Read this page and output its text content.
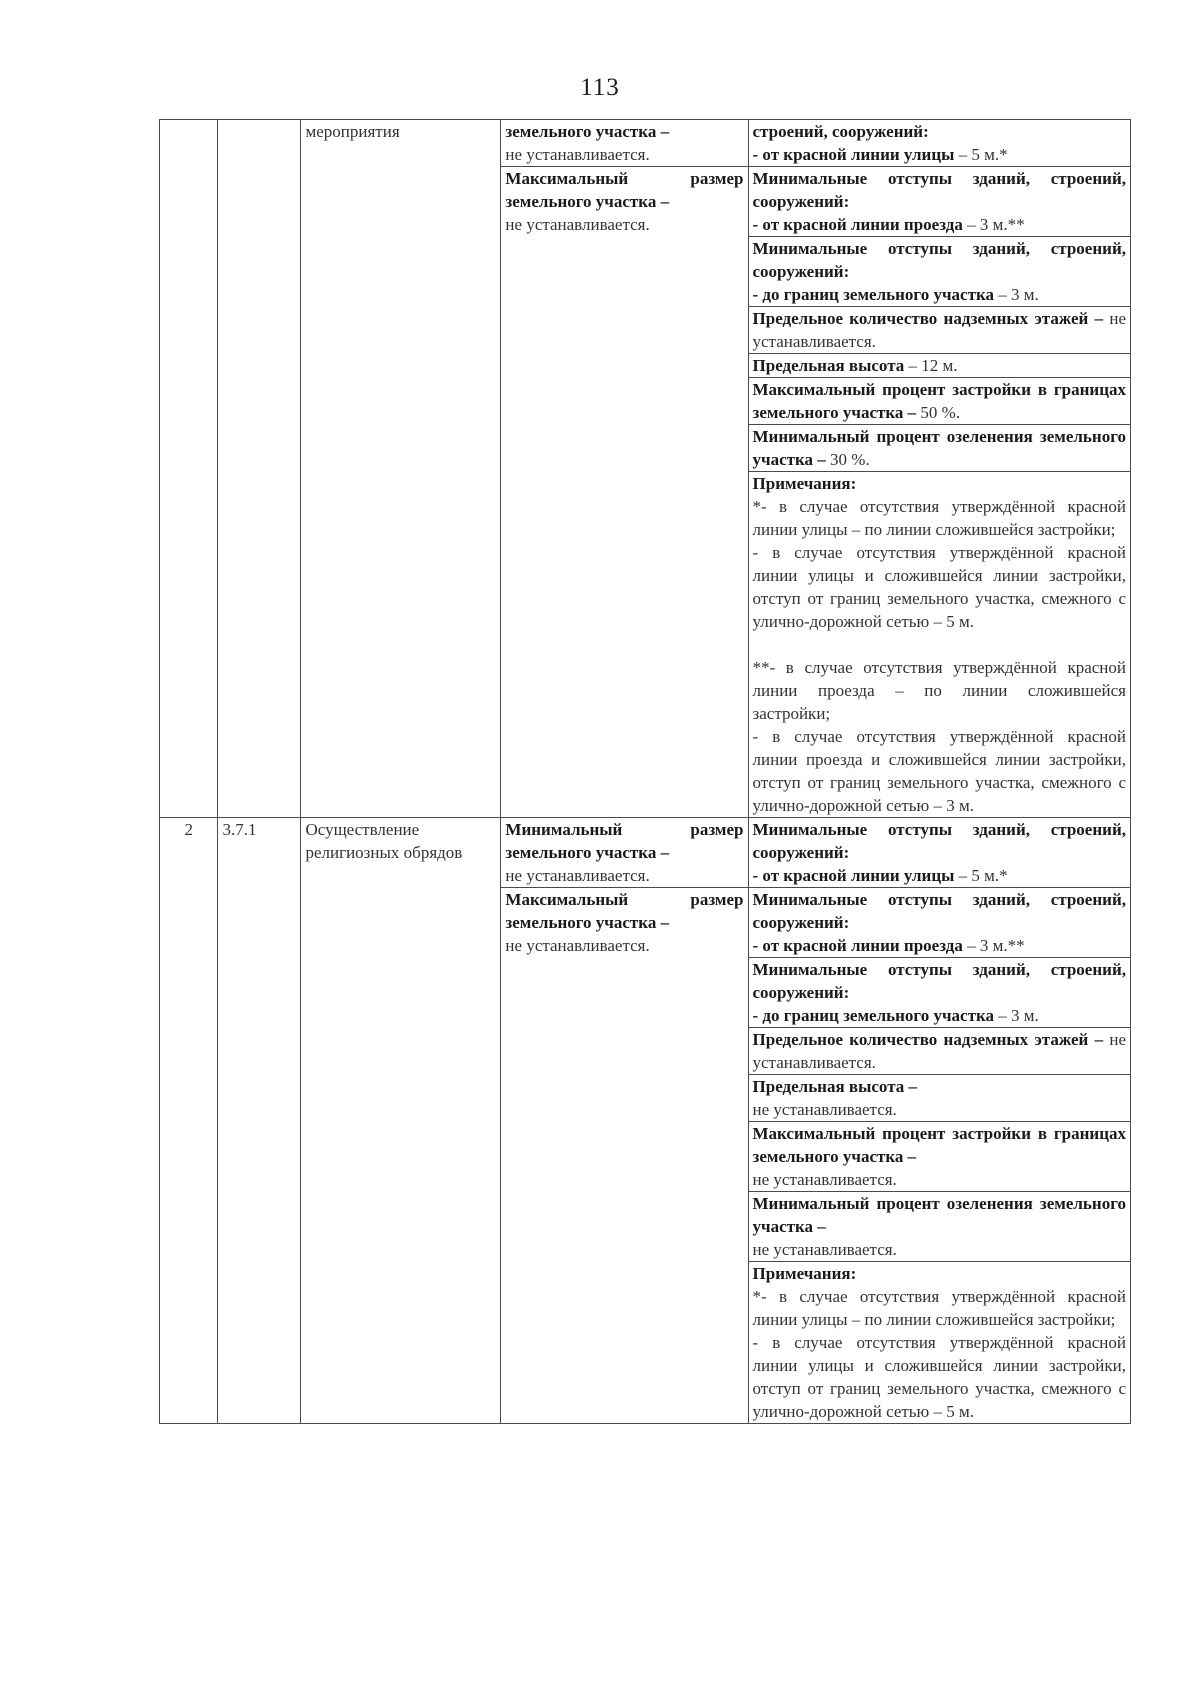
113
		мероприятия	земельного участка –
не устанавливается.	строений, сооружений:
- от красной линии улицы – 5 м.*
			Максимальный размер земельного участка –
не устанавливается.	Минимальные отступы зданий, строений, сооружений:
- от красной линии проезда – 3 м.**
				Минимальные отступы зданий, строений, сооружений:
- до границ земельного участка – 3 м.
				Предельное количество надземных этажей – не устанавливается.
				Предельная высота – 12 м.
				Максимальный процент застройки в границах земельного участка – 50 %.
				Минимальный процент озеленения земельного участка – 30 %.

				Примечания:
*- в случае отсутствия утверждённой красной линии улицы – по линии сложившейся застройки;
- в случае отсутствия утверждённой красной линии улицы и сложившейся линии застройки, отступ от границ земельного участка, смежного с улично-дорожной сетью – 5 м.
**- в случае отсутствия утверждённой красной линии проезда – по линии сложившейся застройки;
- в случае отсутствия утверждённой красной линии проезда и сложившейся линии застройки, отступ от границ земельного участка, смежного с улично-дорожной сетью – 3 м.

2	3.7.1	Осуществление религиозных обрядов	Минимальный размер земельного участка –
не устанавливается.	Минимальные отступы зданий, строений, сооружений:
- от красной линии улицы – 5 м.*
			Максимальный размер земельного участка –
не устанавливается.	Минимальные отступы зданий, строений, сооружений:
- от красной линии проезда – 3 м.**
				Минимальные отступы зданий, строений, сооружений:
- до границ земельного участка – 3 м.
				Предельное количество надземных этажей – не устанавливается.
				Предельная высота –
не устанавливается.
				Максимальный процент застройки в границах земельного участка –
не устанавливается.
				Минимальный процент озеленения земельного участка –
не устанавливается.

				Примечания:
*- в случае отсутствия утверждённой красной линии улицы – по линии сложившейся застройки;
- в случае отсутствия утверждённой красной линии улицы и сложившейся линии застройки, отступ от границ земельного участка, смежного с улично-дорожной сетью – 5 м.
